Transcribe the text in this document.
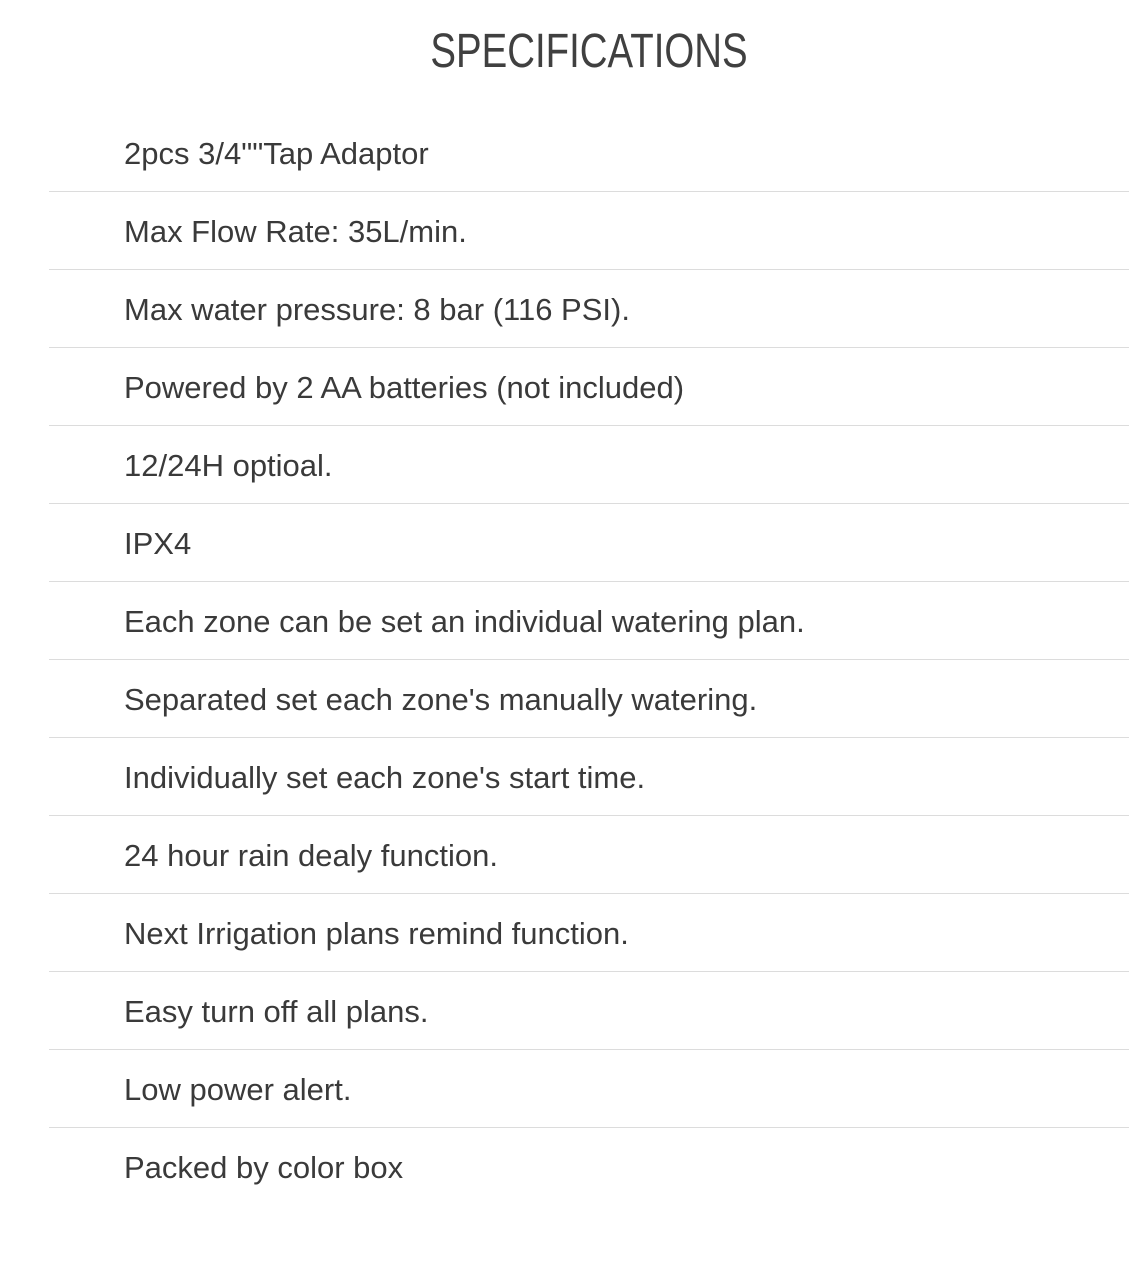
SPECIFICATIONS
2pcs 3/4""Tap Adaptor
Max Flow Rate: 35L/min.
Max water pressure: 8 bar (116 PSI).
Powered by 2 AA batteries (not included)
12/24H optioal.
IPX4
Each zone can be set an individual watering plan.
Separated set each zone's manually watering.
Individually set each zone's start time.
24 hour rain dealy function.
Next Irrigation plans remind function.
Easy turn off all plans.
Low power alert.
Packed by color box
